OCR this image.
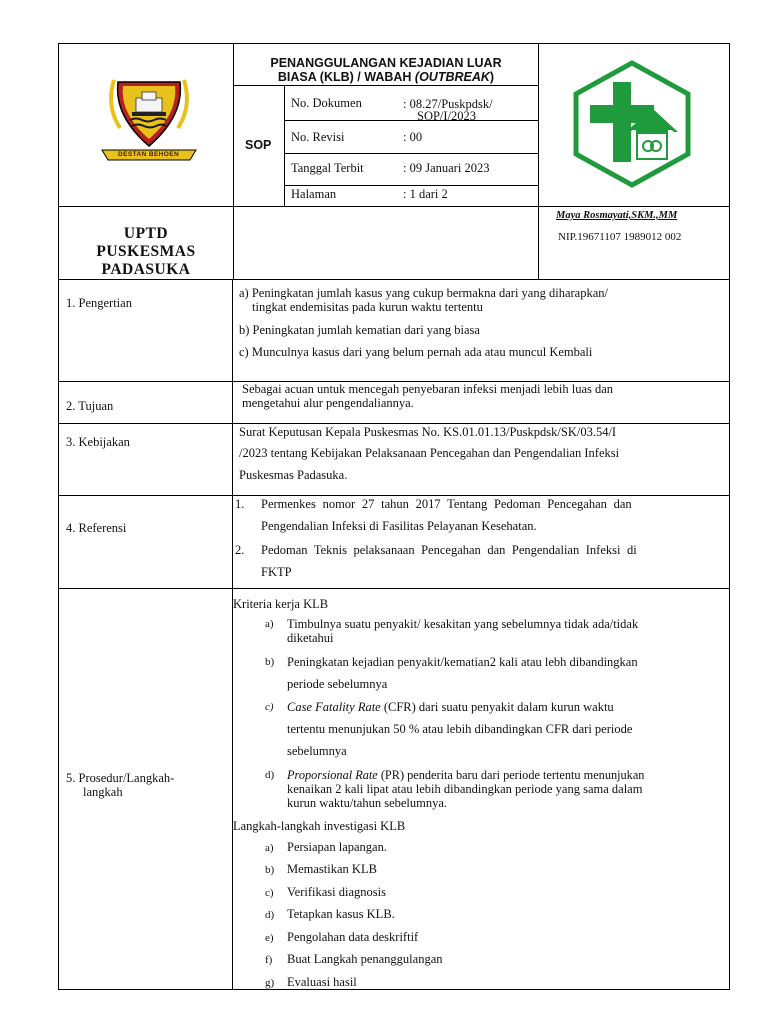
DESTAN BEHOEN
PENANGGULANGAN KEJADIAN LUAR
BIASA (KLB) / WABAH (OUTBREAK)
SOP
No. Dokumen	: 08.27/Puskpdsk/
SOP/I/2023
No. Revisi	: 00
Tanggal Terbit	: 09 Januari 2023
Halaman	: 1 dari 2
UPTD
PUSKESMAS
PADASUKA
Maya Rosmayati,SKM.,MM
NIP.19671107 1989012 002
1. Pengertian
a) Peningkatan jumlah kasus yang cukup bermakna dari yang diharapkan/
tingkat endemisitas pada kurun waktu tertentu
b) Peningkatan jumlah kematian dari yang biasa
c) Munculnya kasus dari yang belum pernah ada atau muncul Kembali
2. Tujuan
Sebagai acuan untuk mencegah penyebaran infeksi menjadi lebih luas dan
mengetahui alur pengendaliannya.
3. Kebijakan
Surat Keputusan Kepala Puskesmas No. KS.01.01.13/Puskpdsk/SK/03.54/I
/2023 tentang Kebijakan Pelaksanaan Pencegahan dan Pengendalian Infeksi
Puskesmas Padasuka.
4. Referensi
1. Permenkes nomor 27 tahun 2017 Tentang Pedoman Pencegahan dan
Pengendalian Infeksi di Fasilitas Pelayanan Kesehatan.
2. Pedoman Teknis pelaksanaan Pencegahan dan Pengendalian Infeksi di
FKTP
5. Prosedur/Langkah-
langkah
Kriteria kerja KLB
a) Timbulnya suatu penyakit/ kesakitan yang sebelumnya tidak ada/tidak
diketahui
b) Peningkatan kejadian penyakit/kematian2 kali atau lebh dibandingkan
periode sebelumnya
c) Case Fatality Rate (CFR) dari suatu penyakit dalam kurun waktu
tertentu menunjukan 50 % atau lebih dibandingkan CFR dari periode
sebelumnya
d) Proporsional Rate (PR) penderita baru dari periode tertentu menunjukan
kenaikan 2 kali lipat atau lebih dibandingkan periode yang sama dalam
kurun waktu/tahun sebelumnya.
Langkah-langkah investigasi KLB
a) Persiapan lapangan.
b) Memastikan KLB
c) Verifikasi diagnosis
d) Tetapkan kasus KLB.
e) Pengolahan data deskriftif
f) Buat Langkah penanggulangan
g) Evaluasi hasil
